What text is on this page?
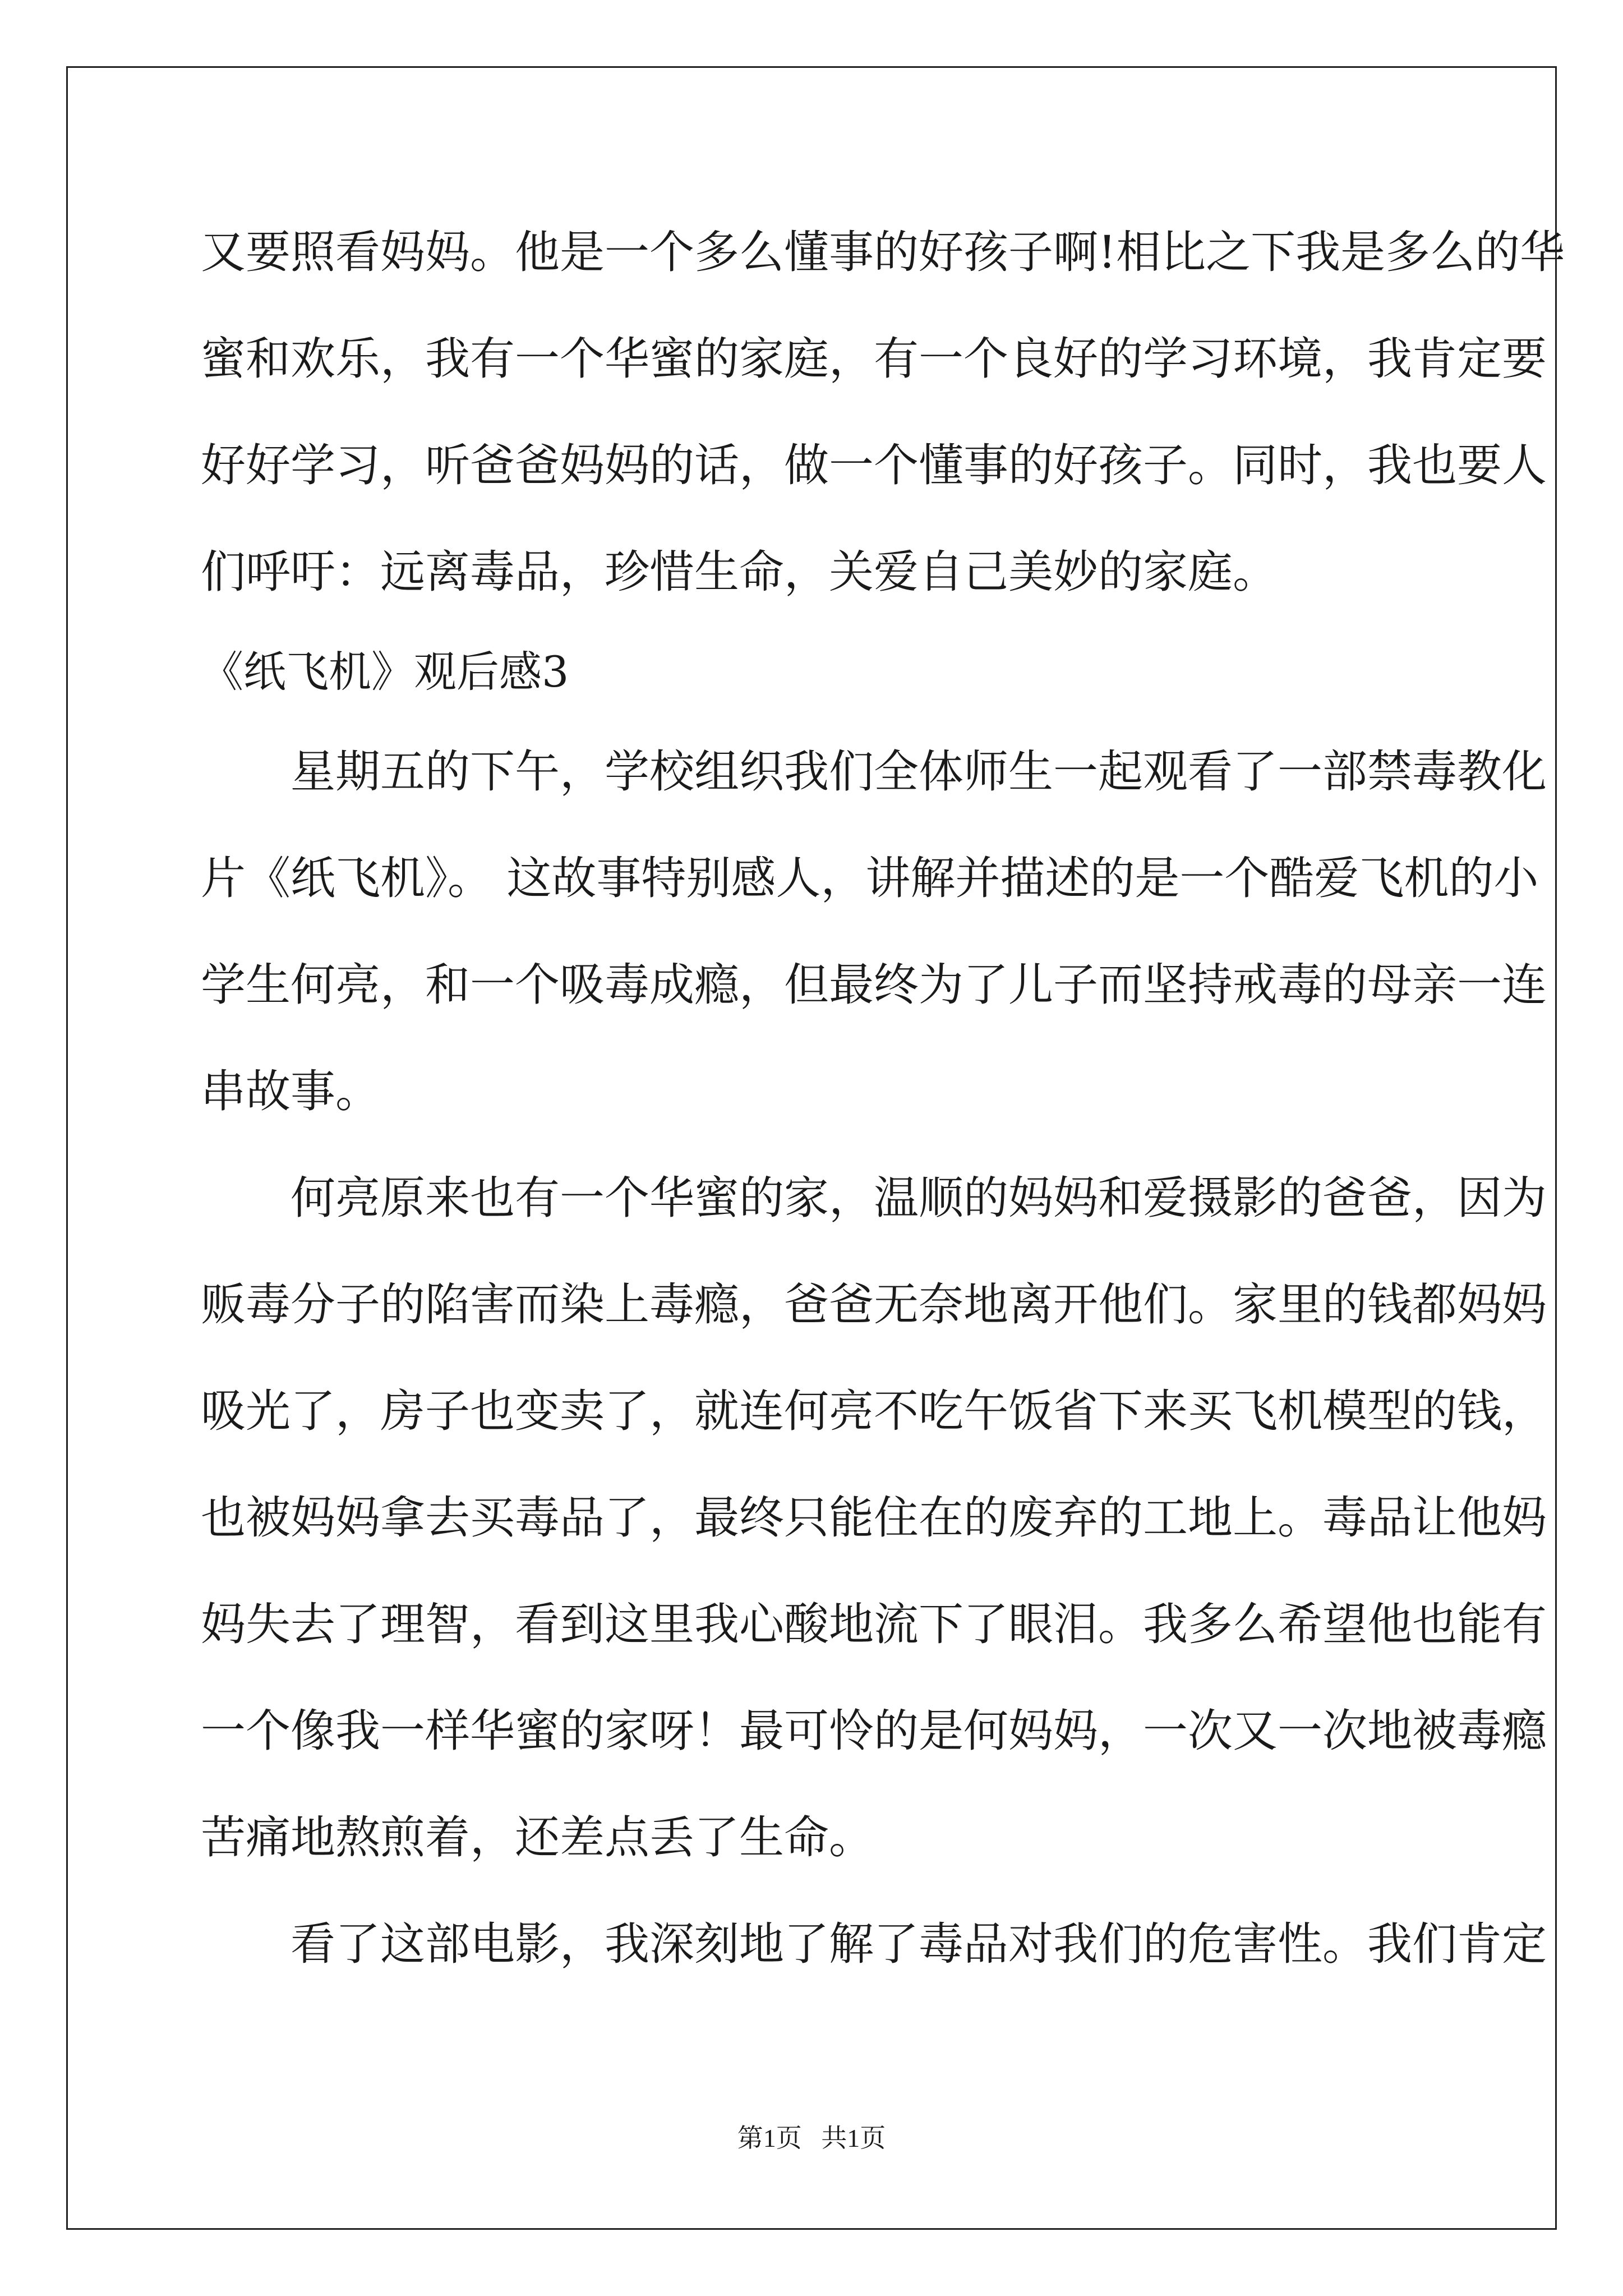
又要照看妈妈。他是一个多么懂事的好孩子啊!相比之下我是多么的华
蜜和欢乐，我有一个华蜜的家庭，有一个良好的学习环境，我肯定要
好好学习，听爸爸妈妈的话，做一个懂事的好孩子。同时，我也要人
们呼吁：远离毒品，珍惜生命，关爱自己美妙的家庭。
《纸飞机》观后感3
星期五的下午，学校组织我们全体师生一起观看了一部禁毒教化
片《纸飞机》。 这故事特别感人，讲解并描述的是一个酷爱飞机的小
学生何亮，和一个吸毒成瘾，但最终为了儿子而坚持戒毒的母亲一连
串故事。
何亮原来也有一个华蜜的家，温顺的妈妈和爱摄影的爸爸，因为
贩毒分子的陷害而染上毒瘾，爸爸无奈地离开他们。家里的钱都妈妈
吸光了，房子也变卖了，就连何亮不吃午饭省下来买飞机模型的钱，
也被妈妈拿去买毒品了，最终只能住在的废弃的工地上。毒品让他妈
妈失去了理智，看到这里我心酸地流下了眼泪。我多么希望他也能有
一个像我一样华蜜的家呀！最可怜的是何妈妈，一次又一次地被毒瘾
苦痛地熬煎着，还差点丢了生命。
看了这部电影，我深刻地了解了毒品对我们的危害性。我们肯定
第1页   共1页
